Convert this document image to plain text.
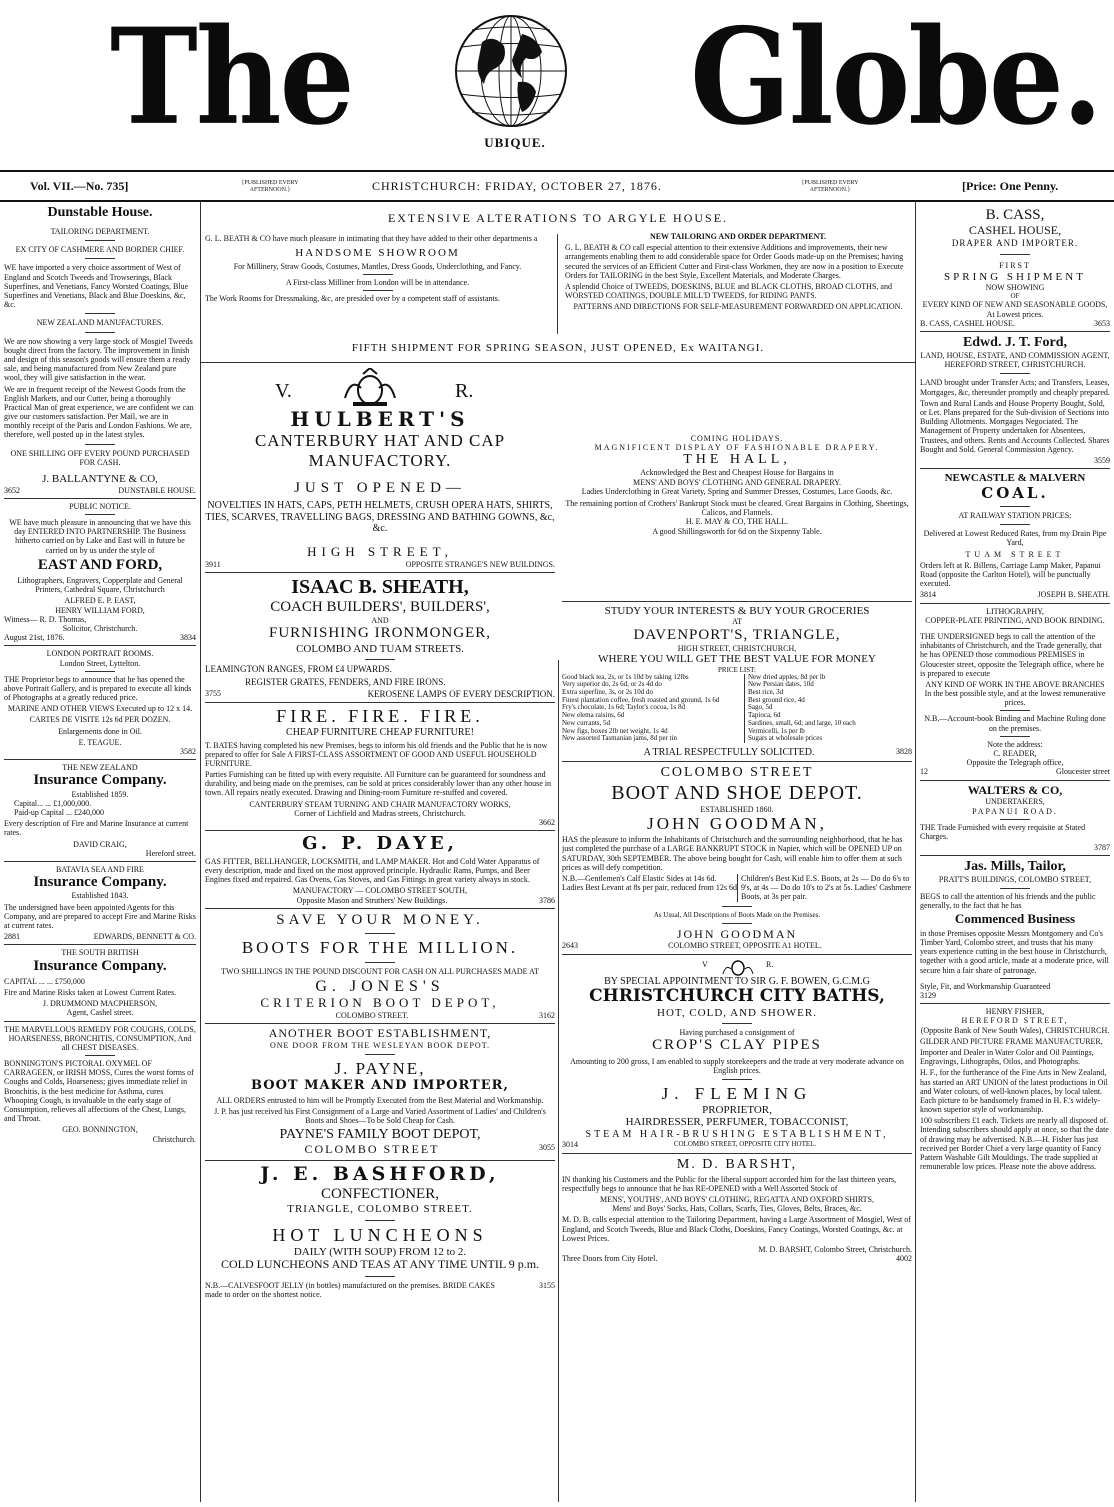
The	Globe.
UBIQUE.
Vol. VII.—No. 735]	{PUBLISHED EVERY AFTERNOON.}	CHRISTCHURCH: FRIDAY, OCTOBER 27, 1876.	{PUBLISHED EVERY AFTERNOON.}	[Price: One Penny.
Dunstable House.
TAILORING DEPARTMENT.
EX CITY OF CASHMERE AND BORDER CHIEF.

WE have imported a very choice assortment of West of England and Scotch Tweeds and Trowserings, Black Superfines, and Venetians, Fancy Worsted Coatings, Blue Superfines and Venetians, Black and Blue Doeskins, &c, &c.

NEW ZEALAND MANUFACTURES.

We are now showing a very large stock of Mosgiel Tweeds bought direct from the factory. The improvement in finish and design of this season's goods will ensure them a ready sale, and being manufactured from New Zealand pure wool, they will give satisfaction in the wear.

We are in frequent receipt of the Newest Goods from the English Markets, and our Cutter, being a thoroughly Practical Man of great experience, we are confident we can give our customers satisfaction. Per Mail, we are in monthly receipt of the Paris and London Fashions. We are, therefore, well posted up in the latest styles.

ONE SHILLING OFF EVERY POUND PURCHASED FOR CASH.
J. BALLANTYNE & CO,
3652	DUNSTABLE HOUSE.
PUBLIC NOTICE.

WE have much pleasure in announcing that we have this day ENTERED INTO PARTNERSHIP. The Business hitherto carried on by Lake and East will in future be carried on by us under the style of

EAST AND FORD,

Lithographers, Engravers, Copperplate and General Printers, Cathedral Square, Christchurch

ALFRED E. P. EAST,
HENRY WILLIAM FORD,
Witness— R. D. Thomas,
Solicitor, Christchurch.
August 21st, 1876.	3834
LONDON PORTRAIT ROOMS.
London Street, Lyttelton.

THE Proprietor begs to announce that he has opened the above Portrait Gallery, and is prepared to execute all kinds of Photographs at a greatly reduced price.

MARINE AND OTHER VIEWS Executed up to 12 x 14.

CARTES DE VISITE 12s 6d PER DOZEN.

Enlargements done in Oil.

E. TEAGUE.
3582
THE NEW ZEALAND
Insurance Company.
Established 1859.
Capital... ... £1,000,000.
Paid-up Capital ... £240,000

Every description of Fire and Marine Insurance at current rates.

DAVID CRAIG,
Hereford street.
BATAVIA SEA AND FIRE
Insurance Company.
Established 1843.

The undersigned have been appointed Agents for this Company, and are prepared to accept Fire and Marine Risks at current rates.

2881	EDWARDS, BENNETT & CO.
THE SOUTH BRITISH
Insurance Company.

CAPITAL ... ... £750,000

Fire and Marine Risks taken at Lowest Current Rates.

J. DRUMMOND MACPHERSON,
Agent, Cashel street.

THE MARVELLOUS REMEDY FOR COUGHS, COLDS, HOARSENESS, BRONCHITIS, CONSUMPTION, And all CHEST DISEASES.

BONNINGTON'S PICTORAL OXYMEL OF CARRAGEEN, or IRISH MOSS, Cures the worst forms of Coughs and Colds, Hoarseness; gives immediate relief in Bronchitis, is the best medicine for Asthma, cures Whooping Cough, is invaluable in the early stage of Consumption, relieves all affections of the Chest, Lungs, and Throat.

GEO. BONNINGTON,
Christchurch.
EXTENSIVE ALTERATIONS TO ARGYLE HOUSE.

G. L. BEATH & CO have much pleasure in intimating that they have added to their other departments a

HANDSOME SHOWROOM

For Millinery, Straw Goods, Costumes, Mantles, Dress Goods, Underclothing, and Fancy.

A First-class Milliner from London will be in attendance.

The Work Rooms for Dressmaking, &c, are presided over by a competent staff of assistants.

NEW TAILORING AND ORDER DEPARTMENT.

G. L. BEATH & CO call especial attention to their extensive Additions and improvements, their new arrangements enabling them to add considerable space for Order Goods made-up on the Premises; having secured the services of an Efficient Cutter and First-class Workmen, they are now in a position to Execute Orders for TAILORING in the best Style, Excellent Materials, and Moderate Charges.

A splendid Choice of TWEEDS, DOESKINS, BLUE and BLACK CLOTHS, BROAD CLOTHS, and WORSTED COATINGS, DOUBLE MILL'D TWEEDS, for RIDING PANTS.

PATTERNS AND DIRECTIONS FOR SELF-MEASUREMENT FORWARDED ON APPLICATION.

FIFTH SHIPMENT FOR SPRING SEASON, JUST OPENED, Ex WAITANGI.
V.	R.
HULBERT'S
CANTERBURY HAT AND CAP MANUFACTORY.
JUST OPENED—
NOVELTIES IN HATS, CAPS, PETH HELMETS, CRUSH OPERA HATS, SHIRTS, TIES, SCARVES, TRAVELLING BAGS, DRESSING AND BATHING GOWNS, &c, &c.
HIGH STREET,
3911	OPPOSITE STRANGE'S NEW BUILDINGS.
ISAAC B. SHEATH,
COACH BUILDERS', BUILDERS',
AND
FURNISHING IRONMONGER,
COLOMBO AND TUAM STREETS.

LEAMINGTON RANGES, FROM £4 UPWARDS.

REGISTER GRATES, FENDERS, AND FIRE IRONS.

3755	KEROSENE LAMPS OF EVERY DESCRIPTION.
FIRE. FIRE. FIRE.
CHEAP FURNITURE CHEAP FURNITURE!

T. BATES having completed his new Premises, begs to inform his old friends and the Public that he is now prepared to offer for Sale A FIRST-CLASS ASSORTMENT OF GOOD AND USEFUL HOUSEHOLD FURNITURE.

Parties Furnishing can be fitted up with every requisite. All Furniture can be guaranteed for soundness and durability, and being made on the premises, can be sold at prices considerably lower than any other house in town. All repairs neatly executed. Drawing and Dining-room Furniture re-stuffed and covered.

CANTERBURY STEAM TURNING AND CHAIR MANUFACTORY WORKS,
Corner of Lichfield and Madras streets, Christchurch.
3662
G. P. DAYE,

GAS FITTER, BELLHANGER, LOCKSMITH, and LAMP MAKER. Hot and Cold Water Apparatus of every description, made and fixed on the most approved principle. Hydraulic Rams, Pumps, and Beer Engines fixed and repaired. Gas Ovens, Gas Stoves, and Gas Fittings in great variety always in stock.

MANUFACTORY — COLOMBO STREET SOUTH,
Opposite Mason and Struthers' New Buildings.	3786
SAVE YOUR MONEY.
BOOTS FOR THE MILLION.

TWO SHILLINGS IN THE POUND DISCOUNT FOR CASH ON ALL PURCHASES MADE AT

G. JONES'S
CRITERION BOOT DEPOT,
COLOMBO STREET.	3162
ANOTHER BOOT ESTABLISHMENT,
ONE DOOR FROM THE WESLEYAN BOOK DEPOT.
J. PAYNE,
BOOT MAKER AND IMPORTER,

ALL ORDERS entrusted to him will be Promptly Executed from the Best Material and Workmanship.

J. P. has just received his First Consignment of a Large and Varied Assortment of Ladies' and Children's Boots and Shoes—To be Sold Cheap for Cash.

PAYNE'S FAMILY BOOT DEPOT,
COLOMBO STREET	3055
J. E. BASHFORD,
CONFECTIONER,
TRIANGLE, COLOMBO STREET.
HOT LUNCHEONS
DAILY (WITH SOUP) FROM 12 to 2.
COLD LUNCHEONS AND TEAS AT ANY TIME UNTIL 9 p.m.
N.B.—CALVESFOOT JELLY (in bottles) manufactured on the premises. BRIDE CAKES made to order on the shortest notice.
3155
COMING HOLIDAYS.
MAGNIFICENT DISPLAY OF FASHIONABLE DRAPERY.
THE HALL,
Acknowledged the Best and Cheapest House for Bargains in
MENS' AND BOYS' CLOTHING AND GENERAL DRAPERY.
Ladies Underclothing in Great Variety, Spring and Summer Dresses, Costumes, Lace Goods, &c.
The remaining portion of Crothers' Bankrupt Stock must be cleared. Great Bargains in Clothing, Sheetings, Calicos, and Flannels.
H. E. MAY & CO, THE HALL.
A good Shillingsworth for 6d on the Sixpenny Table.
STUDY YOUR INTERESTS & BUY YOUR GROCERIES
AT
DAVENPORT'S, TRIANGLE,
HIGH STREET, CHRISTCHURCH,
WHERE YOU WILL GET THE BEST VALUE FOR MONEY
PRICE LIST:
Good black tea, 2s, or 1s 10d by taking 12lbs
Very superior do, 2s 6d, or 2s 4d do
Extra superfine, 3s, or 2s 10d do
Finest plantation coffee, fresh roasted and ground, 1s 6d
Fry's chocolate, 1s 6d; Taylor's cocoa, 1s 8d
New elema raisins, 6d
New currants, 5d
New figs, boxes 2lb net weight, 1s 4d
New assorted Tasmanian jams, 8d per tin
New dried apples, 8d per lb
New Persian dates, 10d
Best rice, 3d
Best ground rice, 4d
Sago, 5d
Tapioca, 6d
Sardines, small, 6d; and large, 10 each
Vermicelli, 1s per lb
Sugars at wholesale prices
A TRIAL RESPECTFULLY SOLICITED.	3828
COLOMBO STREET
BOOT AND SHOE DEPOT.
ESTABLISHED 1860.
JOHN GOODMAN,

HAS the pleasure to inform the Inhabitants of Christchurch and the surrounding neighborhood, that he has just completed the purchase of a LARGE BANKRUPT STOCK in Napier, which will be OPENED UP on SATURDAY, 30th SEPTEMBER. The above being bought for Cash, will enable him to offer them at such prices as will defy competition.

N.B.—Gentlemen's Calf Elastic Sides at 14s 6d. Ladies Best Levant at 8s per pair, reduced from 12s 6d
Children's Best Kid E.S. Boots, at 2s — Do do 6's to 9's, at 4s — Do do 10's to 2's at 5s. Ladies' Cashmere Boots, at 3s per pair.
As Usual, All Descriptions of Boots Made on the Premises.
JOHN GOODMAN
2643	COLOMBO STREET, OPPOSITE A1 HOTEL.
V	R.
BY SPECIAL APPOINTMENT TO SIR G. F. BOWEN, G.C.M.G
CHRISTCHURCH CITY BATHS,
HOT, COLD, AND SHOWER.
Having purchased a consignment of
CROP'S CLAY PIPES

Amounting to 200 gross, I am enabled to supply storekeepers and the trade at very moderate advance on English prices.

J. FLEMING
PROPRIETOR,
HAIRDRESSER, PERFUMER, TOBACCONIST,
STEAM HAIR-BRUSHING ESTABLISHMENT,
3014	COLOMBO STREET, OPPOSITE CITY HOTEL.
M. D. BARSHT,

IN thanking his Customers and the Public for the liberal support accorded him for the last thirteen years, respectfully begs to announce that he has RE-OPENED with a Well Assorted Stock of

MENS', YOUTHS', AND BOYS' CLOTHING, REGATTA AND OXFORD SHIRTS,
Mens' and Boys' Socks, Hats, Collars, Scarfs, Ties, Gloves, Belts, Braces, &c.

M. D. B. calls especial attention to the Tailoring Department, having a Large Assortment of Mosgiel, West of England, and Scotch Tweeds, Blue and Black Cloths, Doeskins, Fancy Coatings, Worsted Coatings, &c. at Lowest Prices.

M. D. BARSHT, Colombo Street, Christchurch.
Three Doors from City Hotel.	4002
B. CASS,
CASHEL HOUSE,
DRAPER AND IMPORTER.
FIRST
SPRING SHIPMENT
NOW SHOWING
OF
EVERY KIND OF NEW AND SEASONABLE GOODS,
At Lowest prices.
B. CASS, CASHEL HOUSE.	3653
Edwd. J. T. Ford,
LAND, HOUSE, ESTATE, AND COMMISSION AGENT,
HEREFORD STREET, CHRISTCHURCH.

LAND brought under Transfer Acts; and Transfers, Leases, Mortgages, &c, thereunder promptly and cheaply prepared.

Town and Rural Lands and House Property Bought, Sold, or Let. Plans prepared for the Sub-division of Sections into Building Allotments. Mortgages Negociated. The Management of Property undertaken for Absentees, Trustees, and others. Rents and Accounts Collected. Shares Bought and Sold. General Commission Agency.

3559
NEWCASTLE & MALVERN
COAL.
AT RAILWAY STATION PRICES:

Delivered at Lowest Reduced Rates, from my Drain Pipe Yard,

TUAM STREET

Orders left at R. Billens, Carriage Lamp Maker, Papanui Road (opposite the Carlton Hotel), will be punctually executed.

3814	JOSEPH B. SHEATH.
LITHOGRAPHY,
COPPER-PLATE PRINTING, AND BOOK BINDING.

THE UNDERSIGNED begs to call the attention of the inhabitants of Christchurch, and the Trade generally, that he has OPENED those commodious PREMISES in Gloucester street, opposite the Telegraph office, where he is prepared to execute

ANY KIND OF WORK IN THE ABOVE BRANCHES
In the best possible style, and at the lowest remunerative prices.

N.B.—Account-book Binding and Machine Ruling done on the premises.

Note the address:
C. READER,
Opposite the Telegraph office,
12	Gloucester street
WALTERS & CO,
UNDERTAKERS,
PAPANUI ROAD.

THE Trade Furnished with every requisite at Stated Charges.

3787
Jas. Mills, Tailor,
PRATT'S BUILDINGS, COLOMBO STREET,

BEGS to call the attention of his friends and the public generally, to the fact that he has

Commenced Business

in those Premises opposite Messrs Montgomery and Co's Timber Yard, Colombo street, and trusts that his many years experience cutting in the best house in Christchurch, together with a good article, made at a moderate price, will secure him a fair share of patronage.

Style, Fit, and Workmanship Guaranteed
3129
HENRY FISHER,
HEREFORD STREET,
(Opposite Bank of New South Wales), CHRISTCHURCH.

GILDER AND PICTURE FRAME MANUFACTURER,

Importer and Dealer in Water Color and Oil Paintings, Engravings, Lithographs, Oilos, and Photographs.

H. F., for the furtherance of the Fine Arts in New Zealand, has started an ART UNION of the latest productions in Oil and Water colours, of well-known places, by local talent. Each picture to be handsomely framed in H. F.'s widely-known superior style of workmanship.

100 subscribers £1 each. Tickets are nearly all disposed of. Intending subscribers should apply at once, so that the date of drawing may be advertised. N.B.—H. Fisher has just received per Border Chief a very large quantity of Fancy Pattern Washable Gilt Mouldings. The trade supplied at remunerable low prices. Please note the above address.
